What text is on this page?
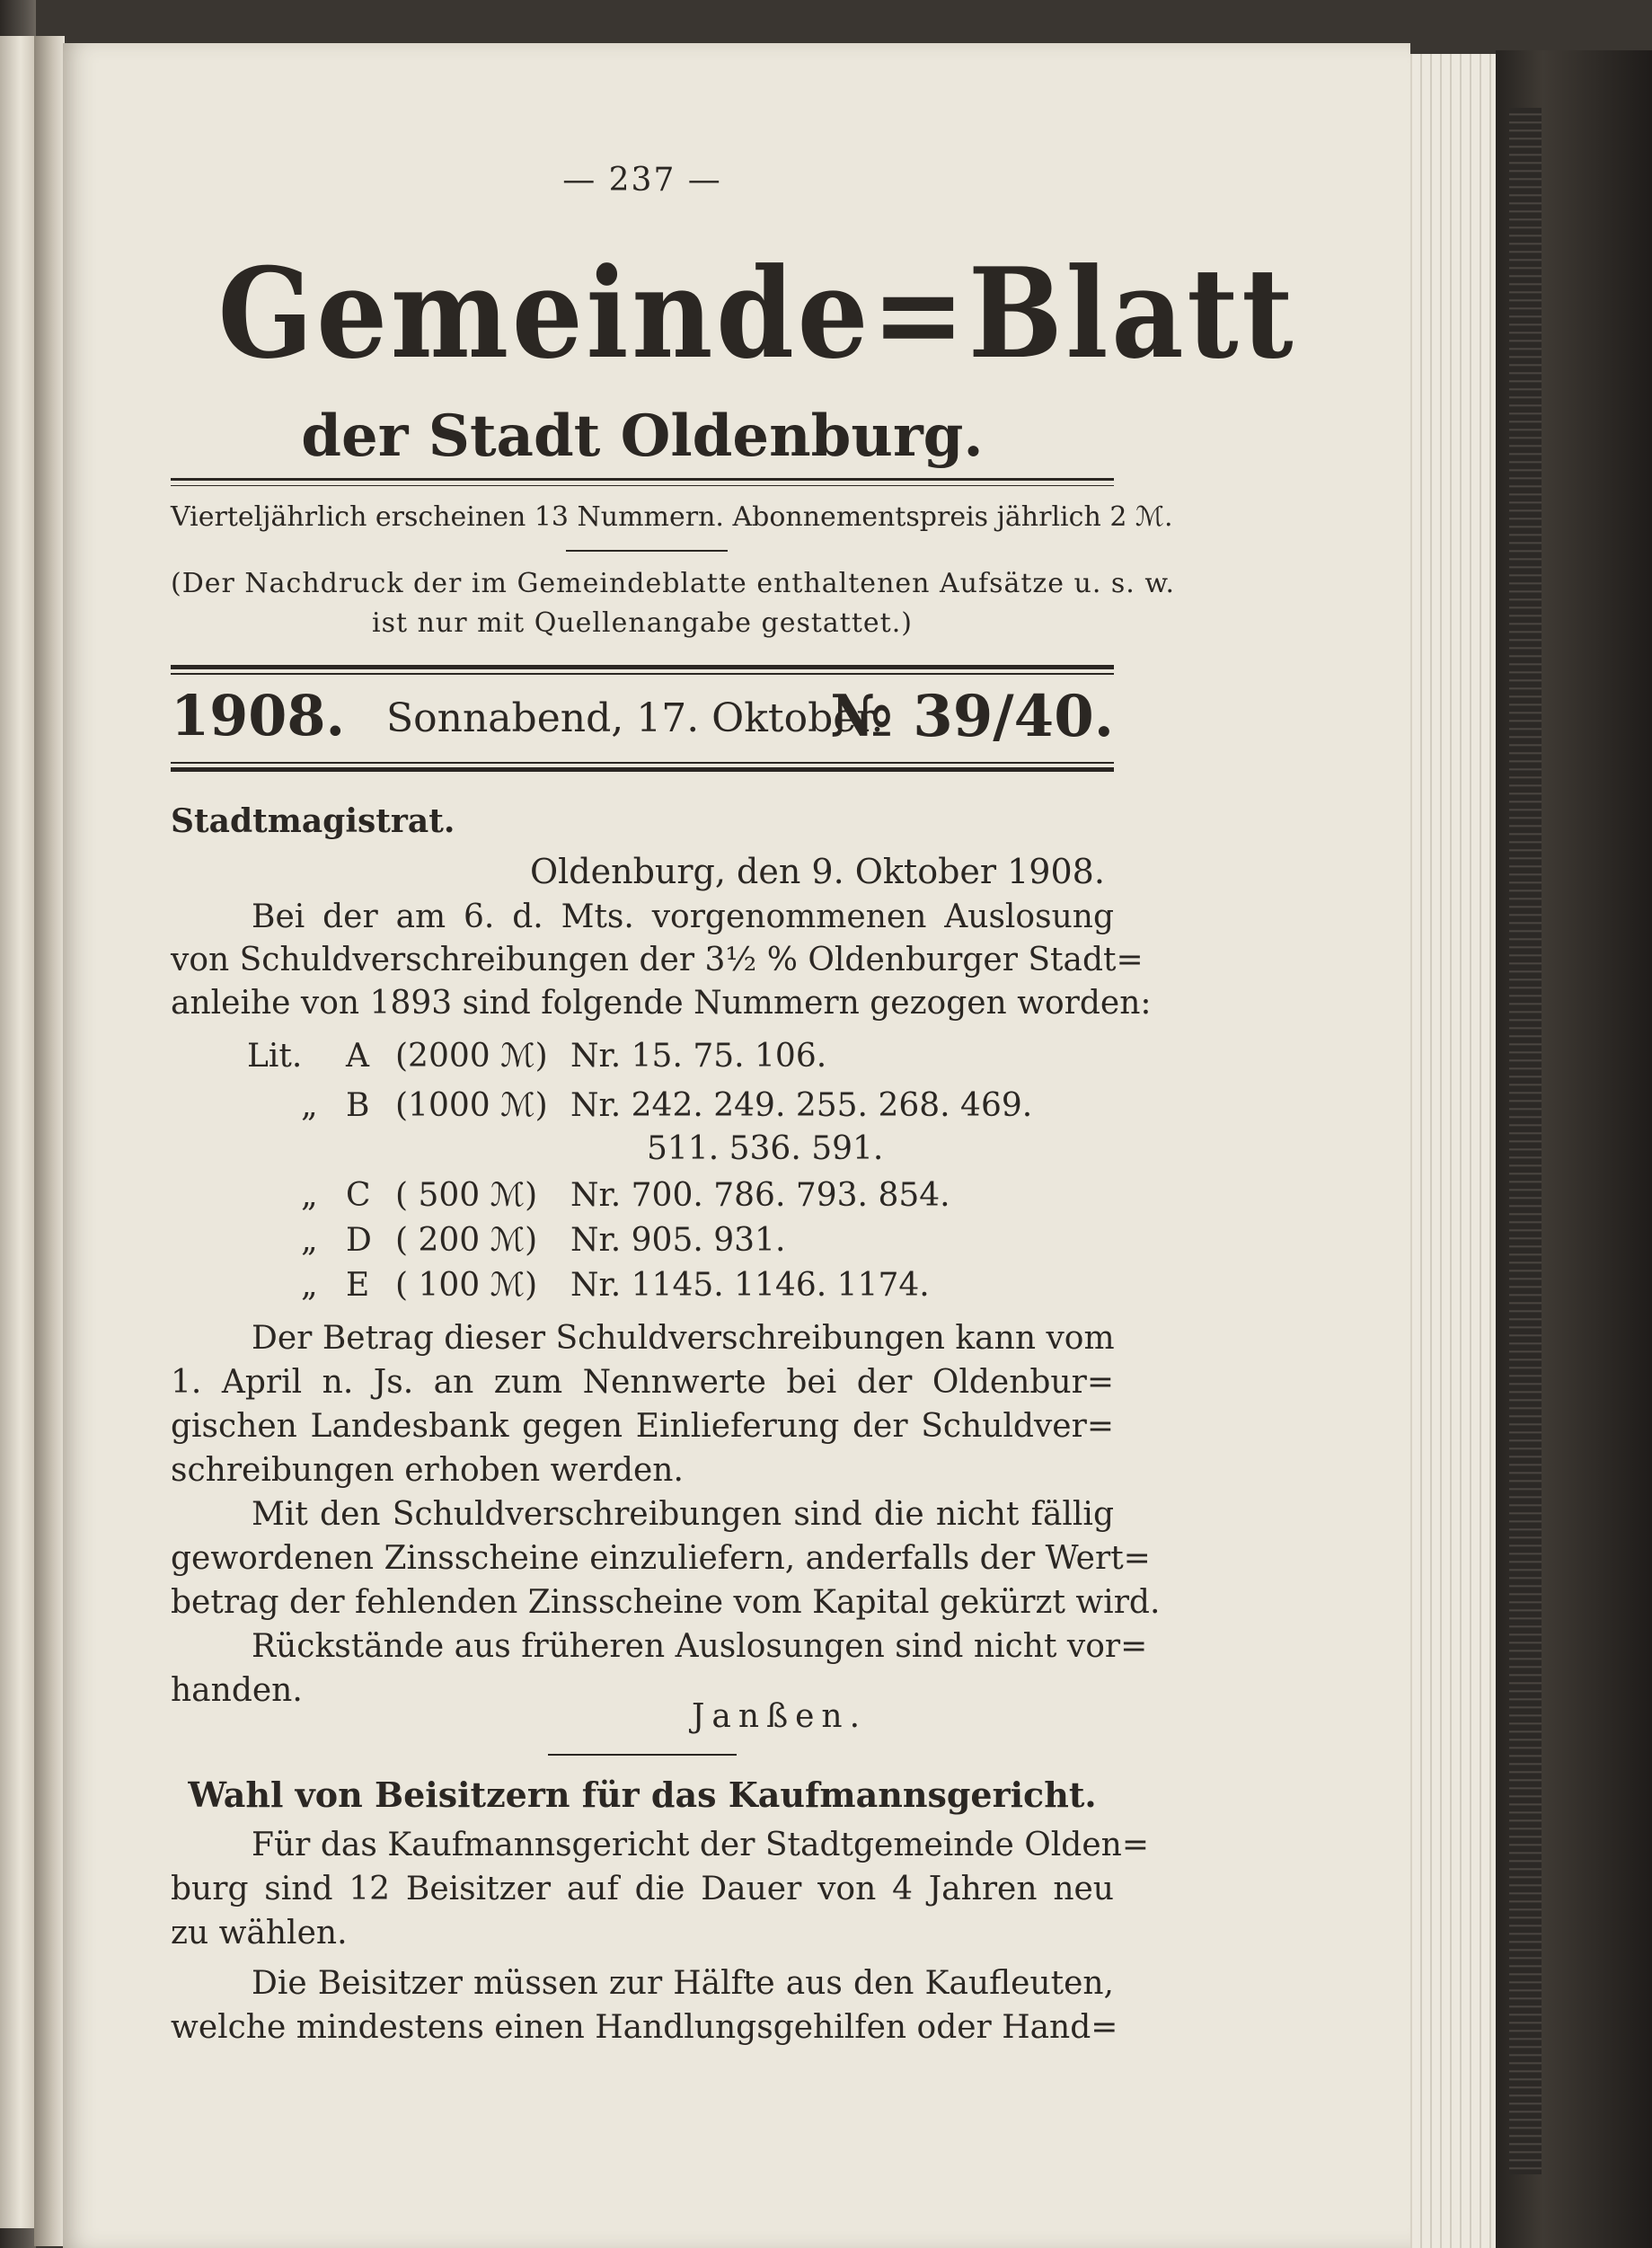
— 237 —
Gemeinde=Blatt
der Stadt Oldenburg.
Vierteljährlich erscheinen 13 Nummern. Abonnementspreis jährlich 2 ℳ.
(Der Nachdruck der im Gemeindeblatte enthaltenen Aufsätze u. s. w.
ist nur mit Quellenangabe gestattet.)
1908. Sonnabend, 17. Oktober.
№ 39/40.
Stadtmagistrat.
Oldenburg, den 9. Oktober 1908.
Bei der am 6. d. Mts. vorgenommenen Auslosung
von Schuldverschreibungen der 3½ % Oldenburger Stadt=
anleihe von 1893 sind folgende Nummern gezogen worden:
Lit. A (2000 ℳ) Nr. 15. 75. 106.
„ B (1000 ℳ) Nr. 242. 249. 255. 268. 469.
511. 536. 591.
„ C ( 500 ℳ) Nr. 700. 786. 793. 854.
„ D ( 200 ℳ) Nr. 905. 931.
„ E ( 100 ℳ) Nr. 1145. 1146. 1174.
Der Betrag dieser Schuldverschreibungen kann vom
1. April n. Js. an zum Nennwerte bei der Oldenbur=
gischen Landesbank gegen Einlieferung der Schuldver=
schreibungen erhoben werden.
Mit den Schuldverschreibungen sind die nicht fällig
gewordenen Zinsscheine einzuliefern, anderfalls der Wert=
betrag der fehlenden Zinsscheine vom Kapital gekürzt wird.
Rückstände aus früheren Auslosungen sind nicht vor=
handen.
Janßen.
Wahl von Beisitzern für das Kaufmannsgericht.
Für das Kaufmannsgericht der Stadtgemeinde Olden=
burg sind 12 Beisitzer auf die Dauer von 4 Jahren neu
zu wählen.
Die Beisitzer müssen zur Hälfte aus den Kaufleuten,
welche mindestens einen Handlungsgehilfen oder Hand=
